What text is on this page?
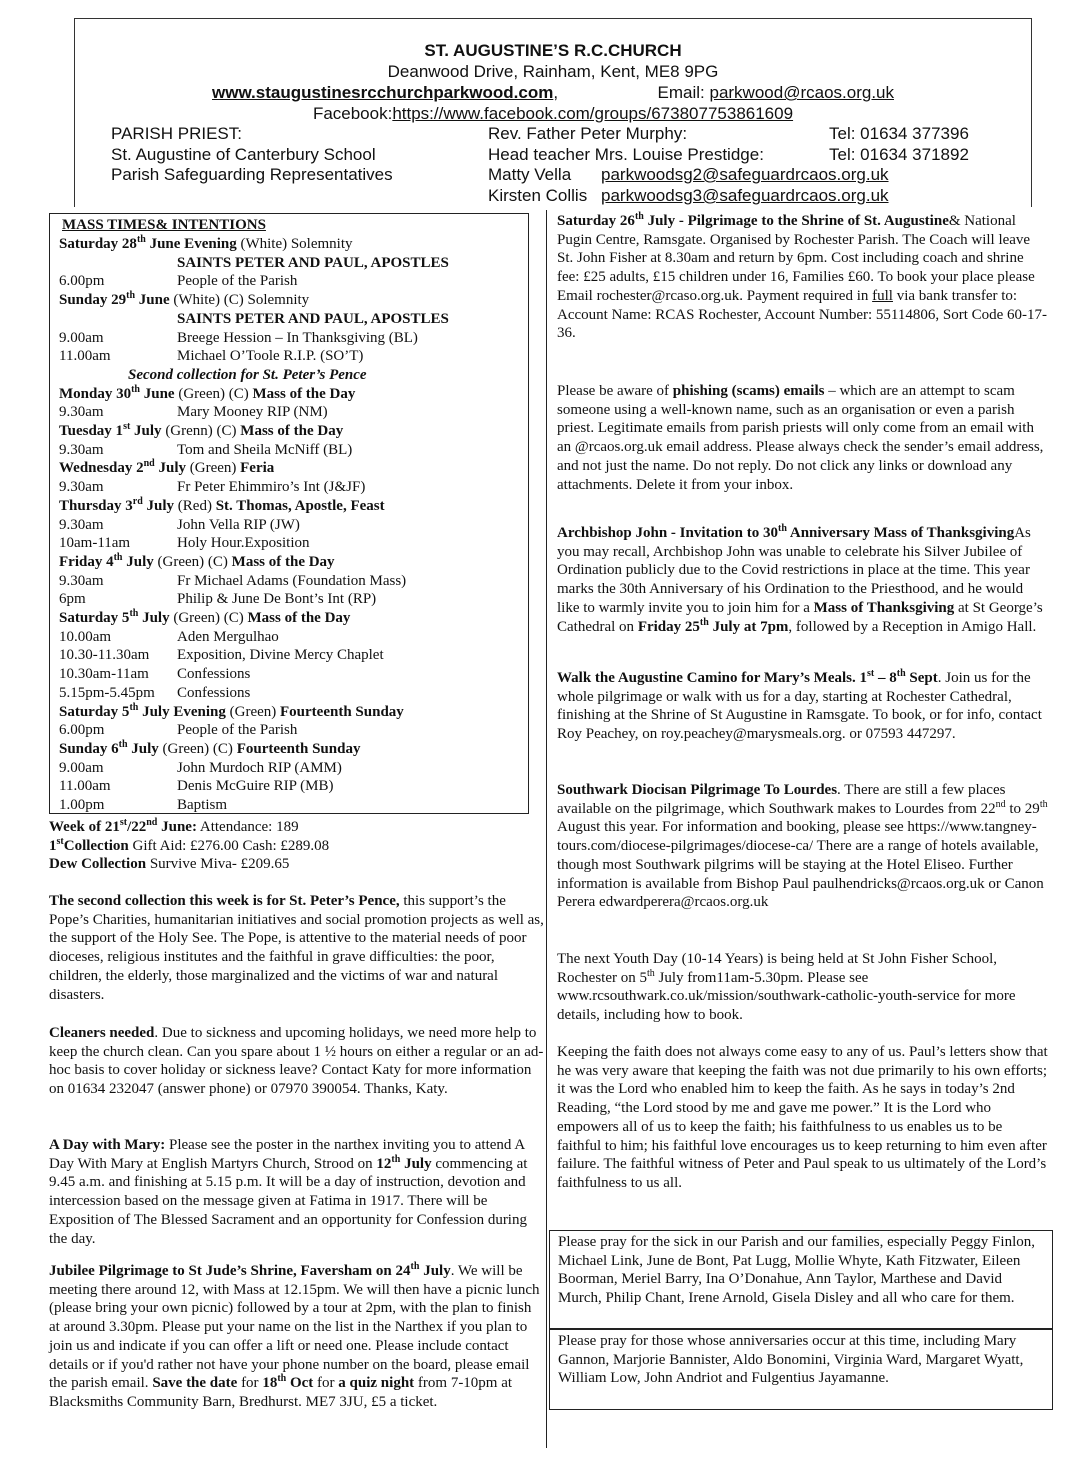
ST. AUGUSTINE’S R.C.CHURCH
Deanwood Drive, Rainham, Kent, ME8 9PG
www.staugustinesrcchurchparkwood.com,	Email: parkwood@rcaos.org.uk
Facebook:https://www.facebook.com/groups/673807753861609
PARISH PRIEST:	Rev. Father Peter Murphy:	Tel: 01634 377396
St. Augustine of Canterbury School	Head teacher Mrs. Louise Prestidge:	Tel: 01634 371892
Parish Safeguarding Representatives	Matty Vella parkwoodsg2@safeguardrcaos.org.uk
Kirsten Collis parkwoodsg3@safeguardrcaos.org.uk
MASS TIMES& INTENTIONS
Saturday 28th June Evening (White) Solemnity
SAINTS PETER AND PAUL, APOSTLES
6.00pm	People of the Parish
Sunday 29th June (White) (C) Solemnity
SAINTS PETER AND PAUL, APOSTLES
9.00am	Breege Hession – In Thanksgiving (BL)
11.00am	Michael O’Toole R.I.P. (SO’T)
Second collection for St. Peter’s Pence
Monday 30th June (Green) (C) Mass of the Day
9.30am	Mary Mooney RIP (NM)
Tuesday 1st July (Grenn) (C) Mass of the Day
9.30am	Tom and Sheila McNiff (BL)
Wednesday 2nd July (Green) Feria
9.30am	Fr Peter Ehimmiro’s Int (J&JF)
Thursday 3rd July (Red) St. Thomas, Apostle, Feast
9.30am	John Vella RIP (JW)
10am-11am	Holy Hour.Exposition
Friday 4th July (Green) (C) Mass of the Day
9.30am	Fr Michael Adams (Foundation Mass)
6pm	Philip & June De Bont’s Int (RP)
Saturday 5th July (Green) (C) Mass of the Day
10.00am	Aden Mergulhao
10.30-11.30am Exposition, Divine Mercy Chaplet
10.30am-11am Confessions
5.15pm-5.45pm Confessions
Saturday 5th July Evening (Green) Fourteenth Sunday
6.00pm	People of the Parish
Sunday 6th July (Green) (C) Fourteenth Sunday
9.00am	John Murdoch RIP (AMM)
11.00am	Denis McGuire RIP (MB)
1.00pm	Baptism
Week of 21st/22nd June: Attendance: 189
1stCollection Gift Aid: £276.00 Cash: £289.08
Dew Collection Survive Miva- £209.65
The second collection this week is for St. Peter’s Pence, this support’s the Pope’s Charities, humanitarian initiatives and social promotion projects as well as, the support of the Holy See. The Pope, is attentive to the material needs of poor dioceses, religious institutes and the faithful in grave difficulties: the poor, children, the elderly, those marginalized and the victims of war and natural disasters.
Cleaners needed. Due to sickness and upcoming holidays, we need more help to keep the church clean. Can you spare about 1 ½ hours on either a regular or an ad-hoc basis to cover holiday or sickness leave? Contact Katy for more information on 01634 232047 (answer phone) or 07970 390054. Thanks, Katy.
A Day with Mary: Please see the poster in the narthex inviting you to attend A Day With Mary at English Martyrs Church, Strood on 12th July commencing at 9.45 a.m. and finishing at 5.15 p.m. It will be a day of instruction, devotion and intercession based on the message given at Fatima in 1917. There will be Exposition of The Blessed Sacrament and an opportunity for Confession during the day.
Jubilee Pilgrimage to St Jude’s Shrine, Faversham on 24th July. We will be meeting there around 12, with Mass at 12.15pm. We will then have a picnic lunch (please bring your own picnic) followed by a tour at 2pm, with the plan to finish at around 3.30pm. Please put your name on the list in the Narthex if you plan to join us and indicate if you can offer a lift or need one. Please include contact details or if you'd rather not have your phone number on the board, please email the parish email. Save the date for 18th Oct for a quiz night from 7-10pm at Blacksmiths Community Barn, Bredhurst. ME7 3JU, £5 a ticket.
Saturday 26th July - Pilgrimage to the Shrine of St. Augustine& National Pugin Centre, Ramsgate. Organised by Rochester Parish. The Coach will leave St. John Fisher at 8.30am and return by 6pm. Cost including coach and shrine fee: £25 adults, £15 children under 16, Families £60. To book your place please Email rochester@rcaso.org.uk. Payment required in full via bank transfer to: Account Name: RCAS Rochester, Account Number: 55114806, Sort Code 60-17-36.
Please be aware of phishing (scams) emails – which are an attempt to scam someone using a well-known name, such as an organisation or even a parish priest. Legitimate emails from parish priests will only come from an email with an @rcaos.org.uk email address. Please always check the sender’s email address, and not just the name. Do not reply. Do not click any links or download any attachments. Delete it from your inbox.
Archbishop John - Invitation to 30th Anniversary Mass of ThanksgivingAs you may recall, Archbishop John was unable to celebrate his Silver Jubilee of Ordination publicly due to the Covid restrictions in place at the time. This year marks the 30th Anniversary of his Ordination to the Priesthood, and he would like to warmly invite you to join him for a Mass of Thanksgiving at St George’s Cathedral on Friday 25th July at 7pm, followed by a Reception in Amigo Hall.
Walk the Augustine Camino for Mary’s Meals. 1st – 8th Sept. Join us for the whole pilgrimage or walk with us for a day, starting at Rochester Cathedral, finishing at the Shrine of St Augustine in Ramsgate. To book, or for info, contact Roy Peachey, on roy.peachey@marysmeals.org. or 07593 447297.
Southwark Diocisan Pilgrimage To Lourdes. There are still a few places available on the pilgrimage, which Southwark makes to Lourdes from 22nd to 29th August this year. For information and booking, please see https://www.tangney-tours.com/diocese-pilgrimages/diocese-ca/ There are a range of hotels available, though most Southwark pilgrims will be staying at the Hotel Eliseo. Further information is available from Bishop Paul paulhendricks@rcaos.org.uk or Canon Perera edwardperera@rcaos.org.uk
The next Youth Day (10-14 Years) is being held at St John Fisher School, Rochester on 5th July from11am-5.30pm. Please see www.rcsouthwark.co.uk/mission/southwark-catholic-youth-service for more details, including how to book.
Keeping the faith does not always come easy to any of us. Paul’s letters show that he was very aware that keeping the faith was not due primarily to his own efforts; it was the Lord who enabled him to keep the faith. As he says in today’s 2nd Reading, “the Lord stood by me and gave me power.” It is the Lord who empowers all of us to keep the faith; his faithfulness to us enables us to be faithful to him; his faithful love encourages us to keep returning to him even after failure. The faithful witness of Peter and Paul speak to us ultimately of the Lord’s faithfulness to us all.

Please pray for the sick in our Parish and our families, especially Peggy Finlon, Michael Link, June de Bont, Pat Lugg, Mollie Whyte, Kath Fitzwater, Eileen Boorman, Meriel Barry, Ina O’Donahue, Ann Taylor, Marthese and David Murch, Philip Chant, Irene Arnold, Gisela Disley and all who care for them.

Please pray for those whose anniversaries occur at this time, including Mary Gannon, Marjorie Bannister, Aldo Bonomini, Virginia Ward, Margaret Wyatt, William Low, John Andriot and Fulgentius Jayamanne.
